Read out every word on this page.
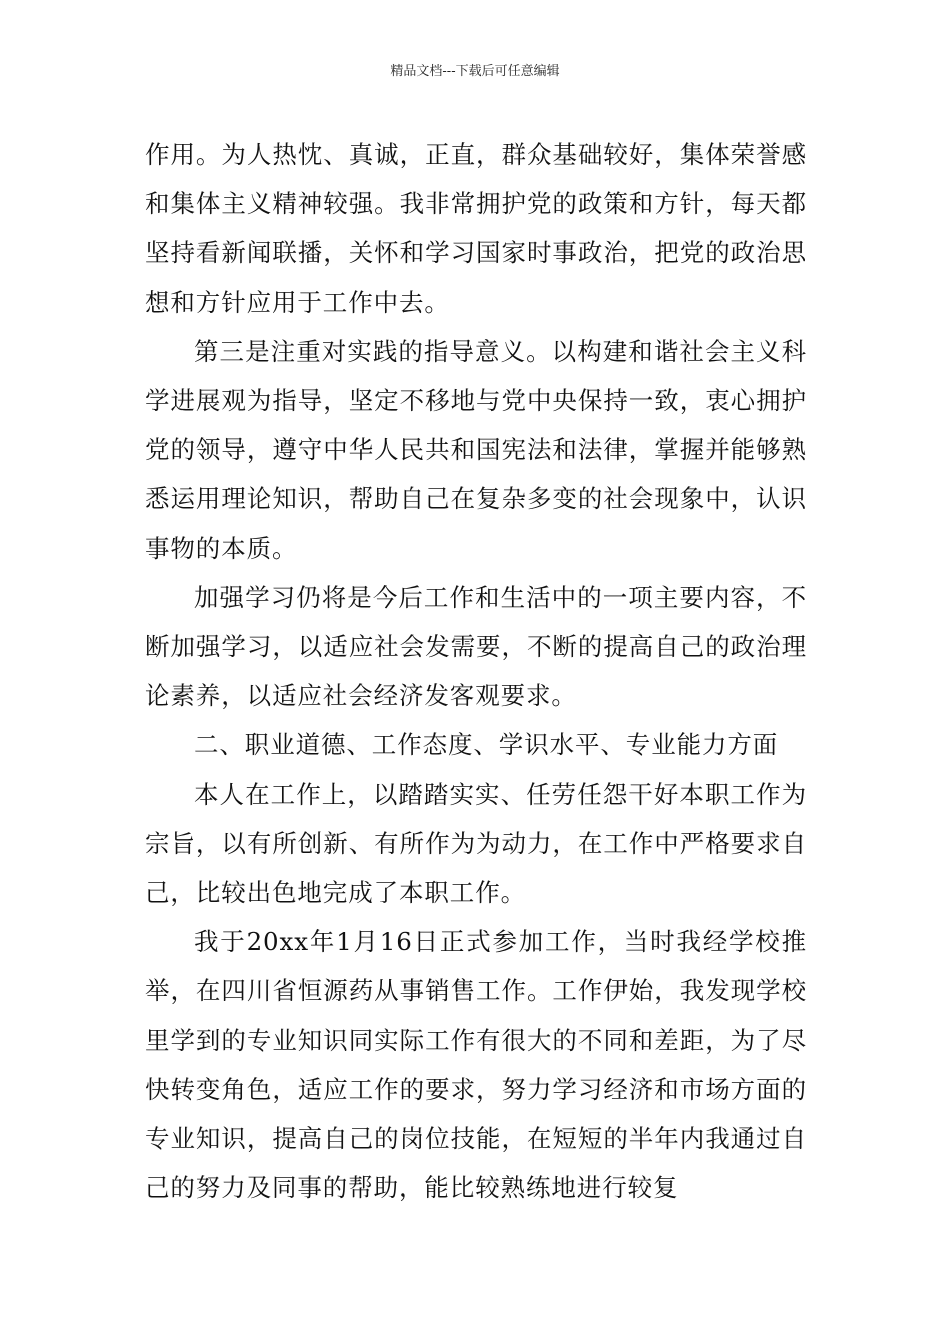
精品文档---下载后可任意编辑

作用。为人热忱、真诚，正直，群众基础较好，集体荣誉感和集体主义精神较强。我非常拥护党的政策和方针，每天都坚持看新闻联播，关怀和学习国家时事政治，把党的政治思想和方针应用于工作中去。

第三是注重对实践的指导意义。以构建和谐社会主义科学进展观为指导，坚定不移地与党中央保持一致，衷心拥护党的领导，遵守中华人民共和国宪法和法律，掌握并能够熟悉运用理论知识，帮助自己在复杂多变的社会现象中，认识事物的本质。

加强学习仍将是今后工作和生活中的一项主要内容，不断加强学习，以适应社会发需要，不断的提高自己的政治理论素养，以适应社会经济发客观要求。

二、职业道德、工作态度、学识水平、专业能力方面

本人在工作上，以踏踏实实、任劳任怨干好本职工作为宗旨，以有所创新、有所作为为动力，在工作中严格要求自己，比较出色地完成了本职工作。

我于20xx年1月16日正式参加工作，当时我经学校推举，在四川省恒源药从事销售工作。工作伊始，我发现学校里学到的专业知识同实际工作有很大的不同和差距，为了尽快转变角色，适应工作的要求，努力学习经济和市场方面的专业知识，提高自己的岗位技能，在短短的半年内我通过自己的努力及同事的帮助，能比较熟练地进行较复
